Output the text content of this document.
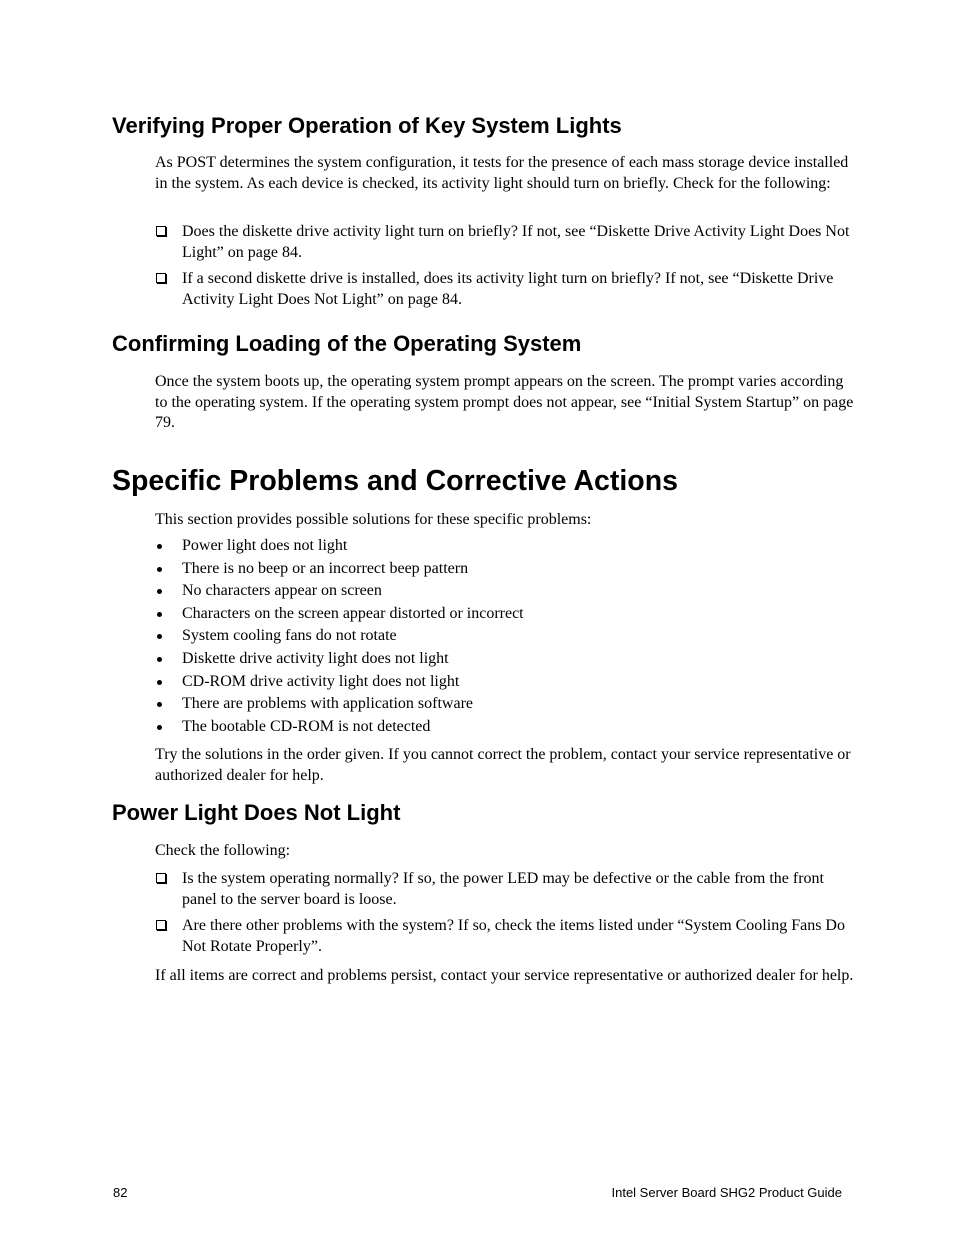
Verifying Proper Operation of Key System Lights

As POST determines the system configuration, it tests for the presence of each mass storage device installed in the system. As each device is checked, its activity light should turn on briefly. Check for the following:

Does the diskette drive activity light turn on briefly? If not, see “Diskette Drive Activity Light Does Not Light” on page 84.
If a second diskette drive is installed, does its activity light turn on briefly? If not, see “Diskette Drive Activity Light Does Not Light” on page 84.
Confirming Loading of the Operating System

Once the system boots up, the operating system prompt appears on the screen. The prompt varies according to the operating system. If the operating system prompt does not appear, see “Initial System Startup” on page 79.

Specific Problems and Corrective Actions

This section provides possible solutions for these specific problems:

Power light does not light
There is no beep or an incorrect beep pattern
No characters appear on screen
Characters on the screen appear distorted or incorrect
System cooling fans do not rotate
Diskette drive activity light does not light
CD-ROM drive activity light does not light
There are problems with application software
The bootable CD-ROM is not detected

Try the solutions in the order given. If you cannot correct the problem, contact your service representative or authorized dealer for help.

Power Light Does Not Light

Check the following:

Is the system operating normally? If so, the power LED may be defective or the cable from the front panel to the server board is loose.
Are there other problems with the system? If so, check the items listed under “System Cooling Fans Do Not Rotate Properly”.

If all items are correct and problems persist, contact your service representative or authorized dealer for help.

82	Intel Server Board SHG2 Product Guide
